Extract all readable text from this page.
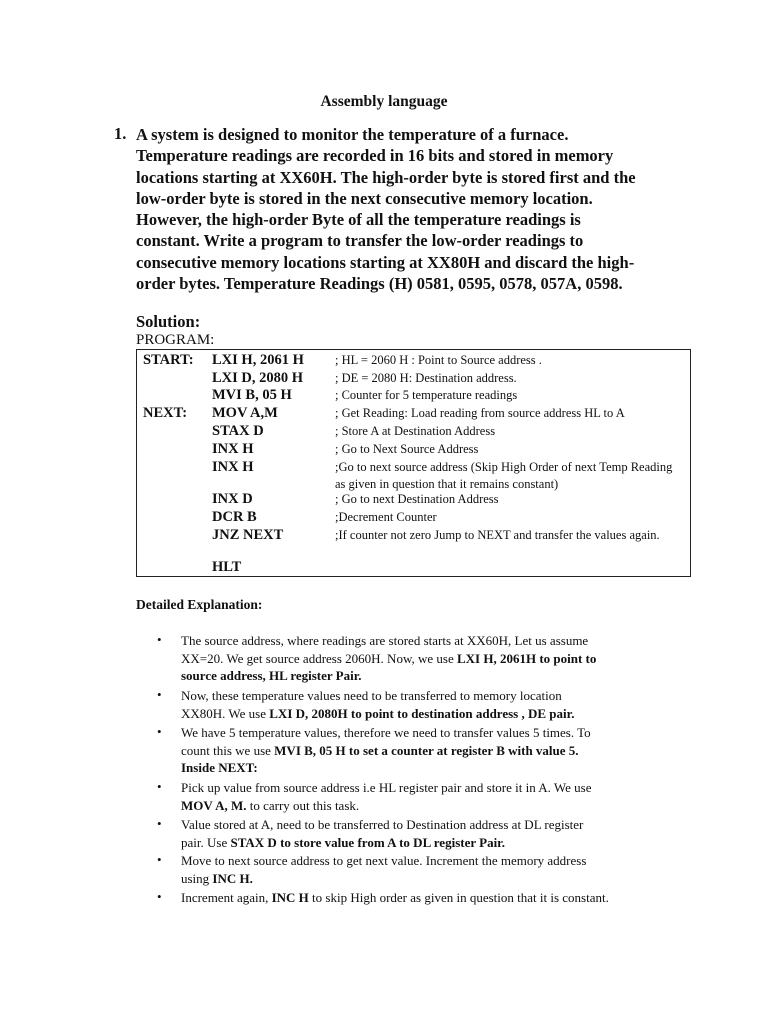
Assembly language
1. A system is designed to monitor the temperature of a furnace.
Temperature readings are recorded in 16 bits and stored in memory
locations starting at XX60H. The high-order byte is stored first and the
low-order byte is stored in the next consecutive memory location.
However, the high-order Byte of all the temperature readings is
constant. Write a program to transfer the low-order readings to
consecutive memory locations starting at XX80H and discard the high-
order bytes. Temperature Readings (H) 0581, 0595, 0578, 057A, 0598.
Solution:
PROGRAM:
START: LXI H, 2061 H ; HL = 2060 H : Point to Source address .
LXI D, 2080 H	; DE = 2080 H: Destination address.
MVI B, 05 H	; Counter for 5 temperature readings
NEXT: MOV A,M	; Get Reading: Load reading from source address HL to A
STAX D	; Store A at Destination Address
INX H	; Go to Next Source Address
INX H	;Go to next source address (Skip High Order of next Temp Reading as given in question that it remains constant)
INX D	; Go to next Destination Address
DCR B	;Decrement Counter
JNZ NEXT	;If counter not zero Jump to NEXT and transfer the values again.
HLT
Detailed Explanation:
• The source address, where readings are stored starts at XX60H, Let us assume
XX=20. We get source address 2060H. Now, we use LXI H, 2061H to point to
source address, HL register Pair.
• Now, these temperature values need to be transferred to memory location
XX80H. We use LXI D, 2080H to point to destination address , DE pair.
• We have 5 temperature values, therefore we need to transfer values 5 times. To
count this we use MVI B, 05 H to set a counter at register B with value 5.
Inside NEXT:
• Pick up value from source address i.e HL register pair and store it in A. We use
MOV A, M. to carry out this task.
• Value stored at A, need to be transferred to Destination address at DL register
pair. Use STAX D to store value from A to DL register Pair.
• Move to next source address to get next value. Increment the memory address
using INC H.
• Increment again, INC H to skip High order as given in question that it is constant.
